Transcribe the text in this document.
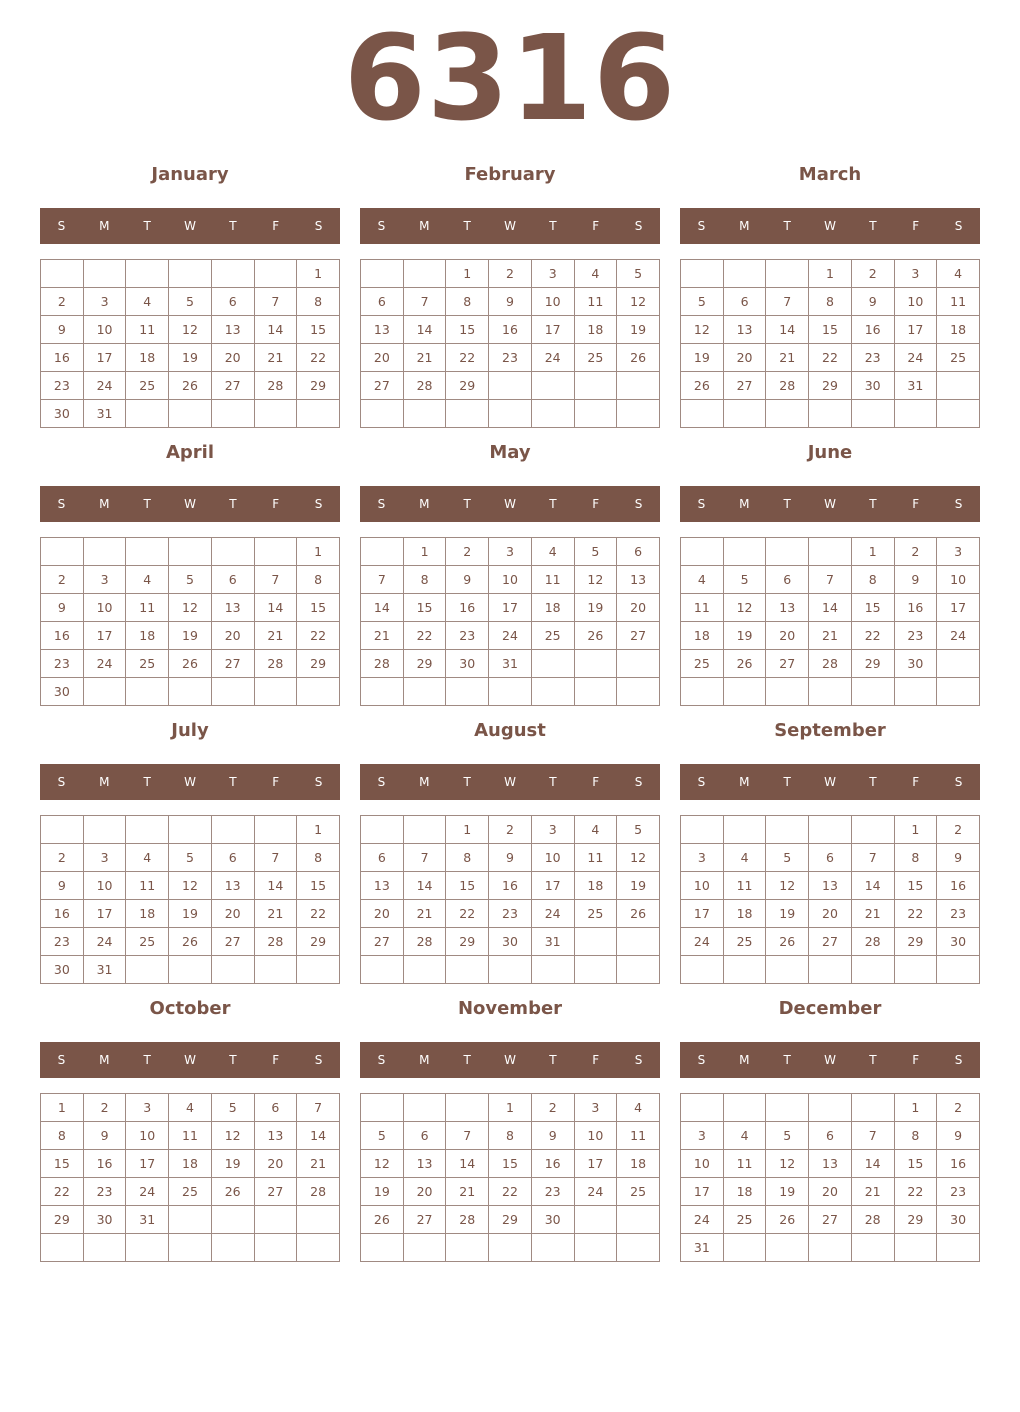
6316
January
S	M	T	W	T	F	S
						1
2	3	4	5	6	7	8
9	10	11	12	13	14	15
16	17	18	19	20	21	22
23	24	25	26	27	28	29
30	31					
February
S	M	T	W	T	F	S
		1	2	3	4	5
6	7	8	9	10	11	12
13	14	15	16	17	18	19
20	21	22	23	24	25	26
27	28	29				

March
S	M	T	W	T	F	S
			1	2	3	4
5	6	7	8	9	10	11
12	13	14	15	16	17	18
19	20	21	22	23	24	25
26	27	28	29	30	31	

April
S	M	T	W	T	F	S
						1
2	3	4	5	6	7	8
9	10	11	12	13	14	15
16	17	18	19	20	21	22
23	24	25	26	27	28	29
30						
May
S	M	T	W	T	F	S
	1	2	3	4	5	6
7	8	9	10	11	12	13
14	15	16	17	18	19	20
21	22	23	24	25	26	27
28	29	30	31			

June
S	M	T	W	T	F	S
				1	2	3
4	5	6	7	8	9	10
11	12	13	14	15	16	17
18	19	20	21	22	23	24
25	26	27	28	29	30	

July
S	M	T	W	T	F	S
						1
2	3	4	5	6	7	8
9	10	11	12	13	14	15
16	17	18	19	20	21	22
23	24	25	26	27	28	29
30	31					
August
S	M	T	W	T	F	S
		1	2	3	4	5
6	7	8	9	10	11	12
13	14	15	16	17	18	19
20	21	22	23	24	25	26
27	28	29	30	31		

September
S	M	T	W	T	F	S
					1	2
3	4	5	6	7	8	9
10	11	12	13	14	15	16
17	18	19	20	21	22	23
24	25	26	27	28	29	30

October
S	M	T	W	T	F	S
1	2	3	4	5	6	7
8	9	10	11	12	13	14
15	16	17	18	19	20	21
22	23	24	25	26	27	28
29	30	31				

November
S	M	T	W	T	F	S
			1	2	3	4
5	6	7	8	9	10	11
12	13	14	15	16	17	18
19	20	21	22	23	24	25
26	27	28	29	30		

December
S	M	T	W	T	F	S
					1	2
3	4	5	6	7	8	9
10	11	12	13	14	15	16
17	18	19	20	21	22	23
24	25	26	27	28	29	30
31						
